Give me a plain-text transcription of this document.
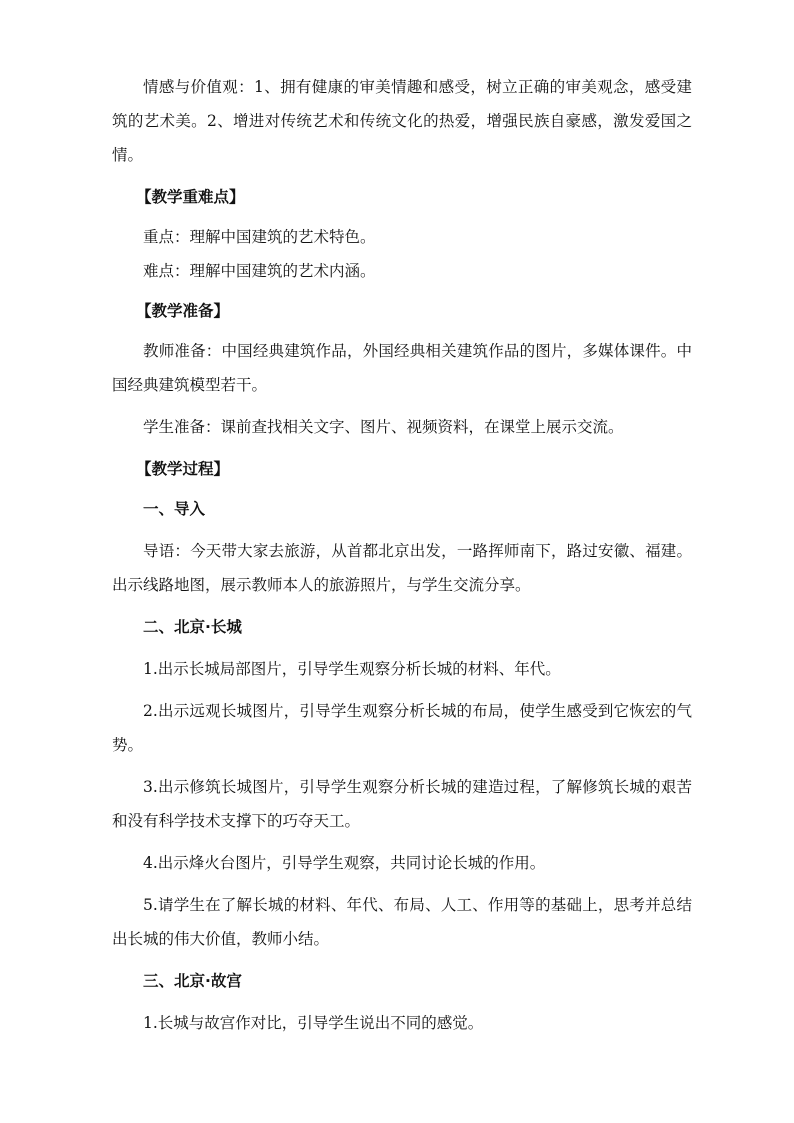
情感与价值观：1、拥有健康的审美情趣和感受，树立正确的审美观念，感受建筑的艺术美。2、增进对传统艺术和传统文化的热爱，增强民族自豪感，激发爱国之情。

【教学重难点】

重点：理解中国建筑的艺术特色。

难点：理解中国建筑的艺术内涵。

【教学准备】

教师准备：中国经典建筑作品，外国经典相关建筑作品的图片，多媒体课件。中国经典建筑模型若干。

学生准备：课前查找相关文字、图片、视频资料，在课堂上展示交流。

【教学过程】

一、导入

导语：今天带大家去旅游，从首都北京出发，一路挥师南下，路过安徽、福建。出示线路地图，展示教师本人的旅游照片，与学生交流分享。

二、北京·长城

1.出示长城局部图片，引导学生观察分析长城的材料、年代。

2.出示远观长城图片，引导学生观察分析长城的布局，使学生感受到它恢宏的气势。

3.出示修筑长城图片，引导学生观察分析长城的建造过程，了解修筑长城的艰苦和没有科学技术支撑下的巧夺天工。

4.出示烽火台图片，引导学生观察，共同讨论长城的作用。

5.请学生在了解长城的材料、年代、布局、人工、作用等的基础上，思考并总结出长城的伟大价值，教师小结。

三、北京·故宫

1.长城与故宫作对比，引导学生说出不同的感觉。
